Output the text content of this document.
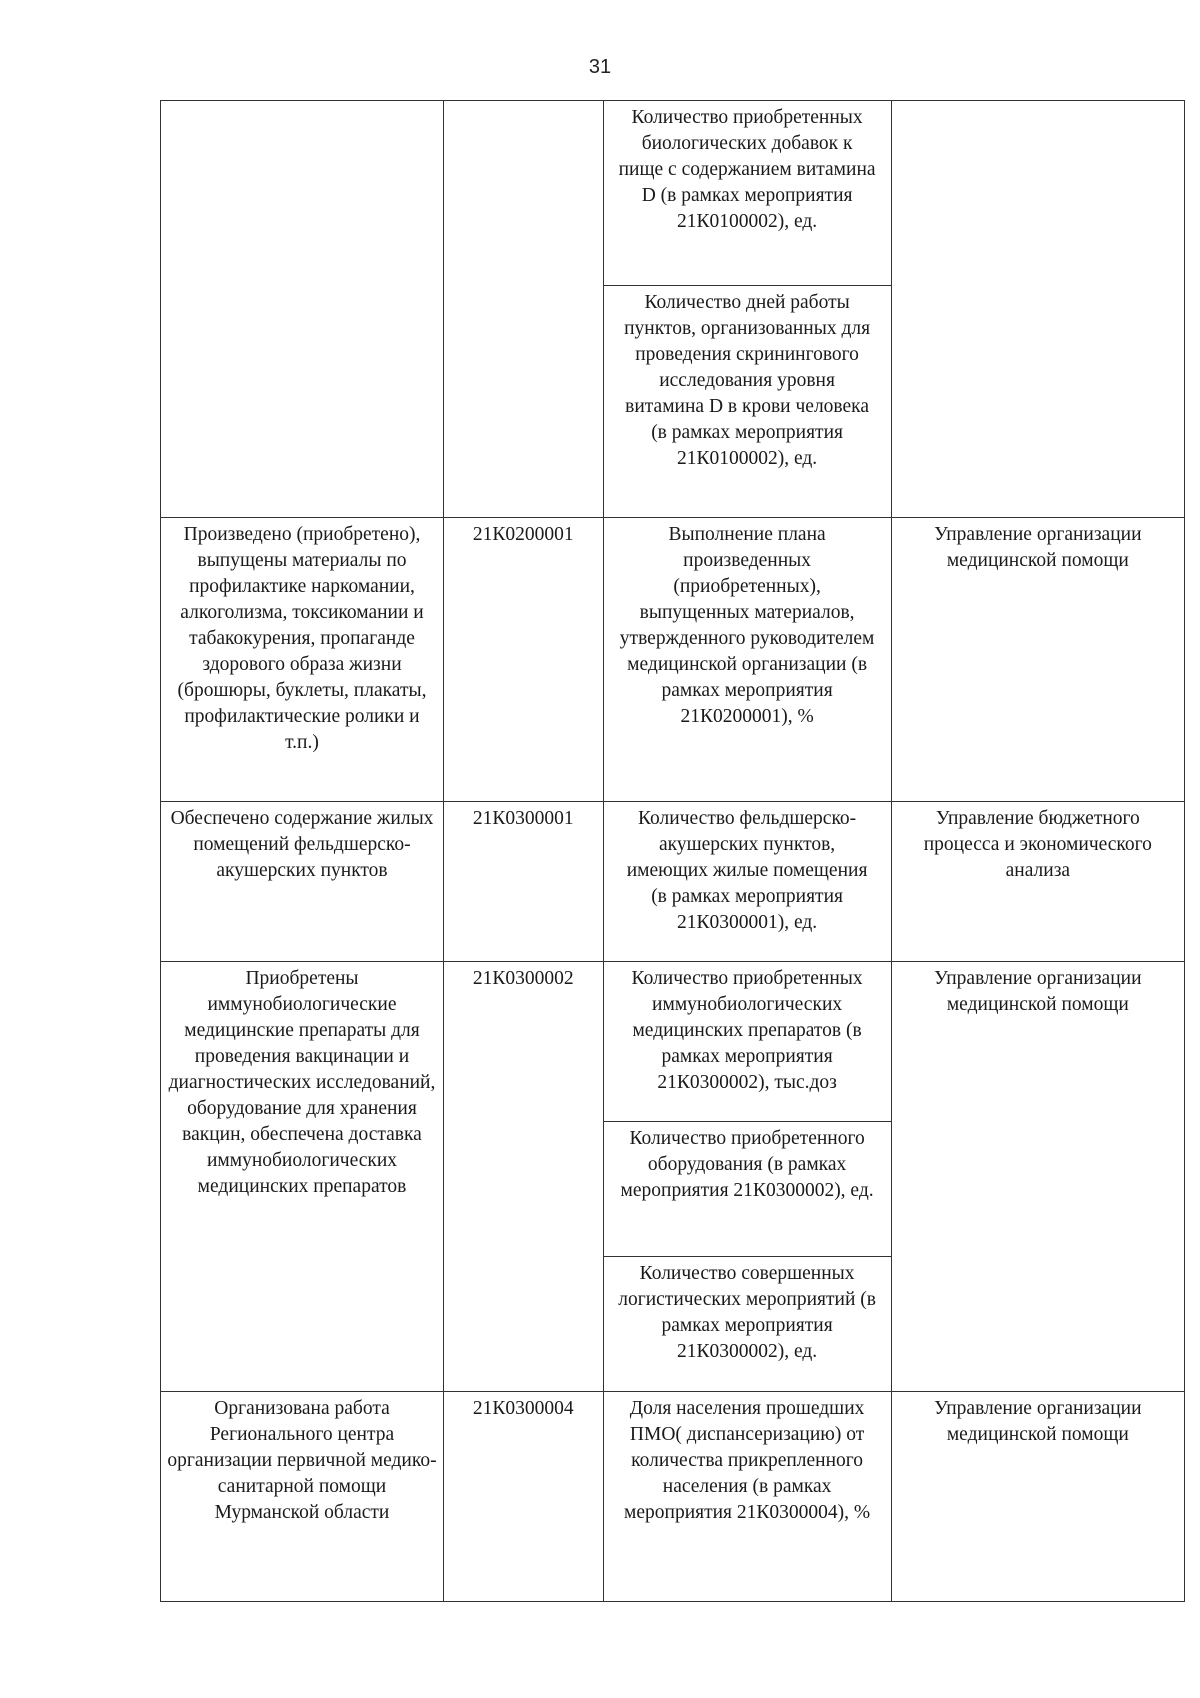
31

		Количество приобретенных биологических добавок к пище с содержанием витамина D (в рамках мероприятия 21К0100002), ед.	

		Количество дней работы пунктов, организованных для проведения скринингового исследования уровня витамина D в крови человека (в рамках мероприятия 21К0100002), ед.	

Произведено (приобретено), выпущены материалы по профилактике наркомании, алкоголизма, токсикомании и табакокурения, пропаганде здорового образа жизни (брошюры, буклеты, плакаты, профилактические ролики и т.п.)	21К0200001	Выполнение плана произведенных (приобретенных), выпущенных материалов, утвержденного руководителем медицинской организации (в рамках мероприятия 21К0200001), %	Управление организации медицинской помощи
Обеспечено содержание жилых помещений фельдшерско-акушерских пунктов	21К0300001	Количество фельдшерско-акушерских пунктов, имеющих жилые помещения (в рамках мероприятия 21К0300001), ед.	Управление бюджетного процесса и экономического анализа
Приобретены иммунобиологические медицинские препараты для проведения вакцинации и диагностических исследований, оборудование для хранения вакцин, обеспечена доставка иммунобиологических медицинских препаратов	21К0300002	Количество приобретенных иммунобиологических медицинских препаратов (в рамках мероприятия 21К0300002), тыс.доз	Управление организации медицинской помощи

		Количество приобретенного оборудования (в рамках мероприятия 21К0300002), ед.	

		Количество совершенных логистических мероприятий (в рамках мероприятия 21К0300002), ед.	

Организована работа Регионального центра организации первичной медико-санитарной помощи Мурманской области	21К0300004	Доля населения прошедших ПМО( диспансеризацию) от количества прикрепленного населения (в рамках мероприятия 21К0300004), %	Управление организации медицинской помощи
